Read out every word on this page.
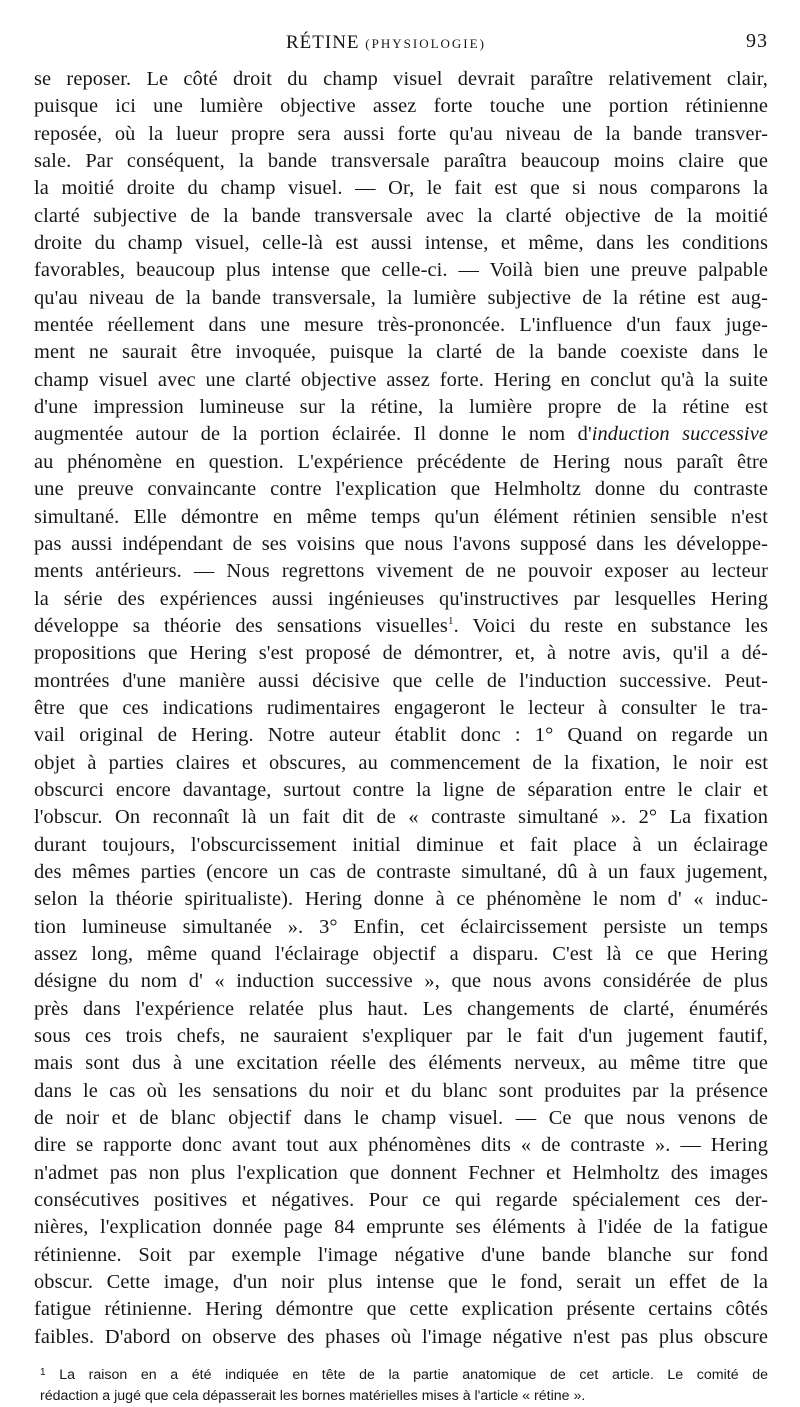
RÉTINE (PHYSIOLOGIE)	93
se reposer. Le côté droit du champ visuel devrait paraître relativement clair,
puisque ici une lumière objective assez forte touche une portion rétinienne
reposée, où la lueur propre sera aussi forte qu'au niveau de la bande transver-
sale. Par conséquent, la bande transversale paraîtra beaucoup moins claire que
la moitié droite du champ visuel. — Or, le fait est que si nous comparons la
clarté subjective de la bande transversale avec la clarté objective de la moitié
droite du champ visuel, celle-là est aussi intense, et même, dans les conditions
favorables, beaucoup plus intense que celle-ci. — Voilà bien une preuve palpable
qu'au niveau de la bande transversale, la lumière subjective de la rétine est aug-
mentée réellement dans une mesure très-prononcée. L'influence d'un faux juge-
ment ne saurait être invoquée, puisque la clarté de la bande coexiste dans le
champ visuel avec une clarté objective assez forte. Hering en conclut qu'à la suite
d'une impression lumineuse sur la rétine, la lumière propre de la rétine est
augmentée autour de la portion éclairée. Il donne le nom d'induction successive
au phénomène en question. L'expérience précédente de Hering nous paraît être
une preuve convaincante contre l'explication que Helmholtz donne du contraste
simultané. Elle démontre en même temps qu'un élément rétinien sensible n'est
pas aussi indépendant de ses voisins que nous l'avons supposé dans les développe-
ments antérieurs. — Nous regrettons vivement de ne pouvoir exposer au lecteur
la série des expériences aussi ingénieuses qu'instructives par lesquelles Hering
développe sa théorie des sensations visuelles$^1$. Voici du reste en substance les
propositions que Hering s'est proposé de démontrer, et, à notre avis, qu'il a dé-
montrées d'une manière aussi décisive que celle de l'induction successive. Peut-
être que ces indications rudimentaires engageront le lecteur à consulter le tra-
vail original de Hering. Notre auteur établit donc : 1° Quand on regarde un
objet à parties claires et obscures, au commencement de la fixation, le noir est
obscurci encore davantage, surtout contre la ligne de séparation entre le clair et
l'obscur. On reconnaît là un fait dit de « contraste simultané ». 2° La fixation
durant toujours, l'obscurcissement initial diminue et fait place à un éclairage
des mêmes parties (encore un cas de contraste simultané, dû à un faux jugement,
selon la théorie spiritualiste). Hering donne à ce phénomène le nom d' « induc-
tion lumineuse simultanée ». 3° Enfin, cet éclaircissement persiste un temps
assez long, même quand l'éclairage objectif a disparu. C'est là ce que Hering
désigne du nom d' « induction successive », que nous avons considérée de plus
près dans l'expérience relatée plus haut. Les changements de clarté, énumérés
sous ces trois chefs, ne sauraient s'expliquer par le fait d'un jugement fautif,
mais sont dus à une excitation réelle des éléments nerveux, au même titre que
dans le cas où les sensations du noir et du blanc sont produites par la présence
de noir et de blanc objectif dans le champ visuel. — Ce que nous venons de
dire se rapporte donc avant tout aux phénomènes dits « de contraste ». — Hering
n'admet pas non plus l'explication que donnent Fechner et Helmholtz des images
consécutives positives et négatives. Pour ce qui regarde spécialement ces der-
nières, l'explication donnée page 84 emprunte ses éléments à l'idée de la fatigue
rétinienne. Soit par exemple l'image négative d'une bande blanche sur fond
obscur. Cette image, d'un noir plus intense que le fond, serait un effet de la
fatigue rétinienne. Hering démontre que cette explication présente certains côtés
faibles. D'abord on observe des phases où l'image négative n'est pas plus obscure
$^1$ La raison en a été indiquée en tête de la partie anatomique de cet article. Le comité de
rédaction a jugé que cela dépasserait les bornes matérielles mises à l'article « rétine ».
